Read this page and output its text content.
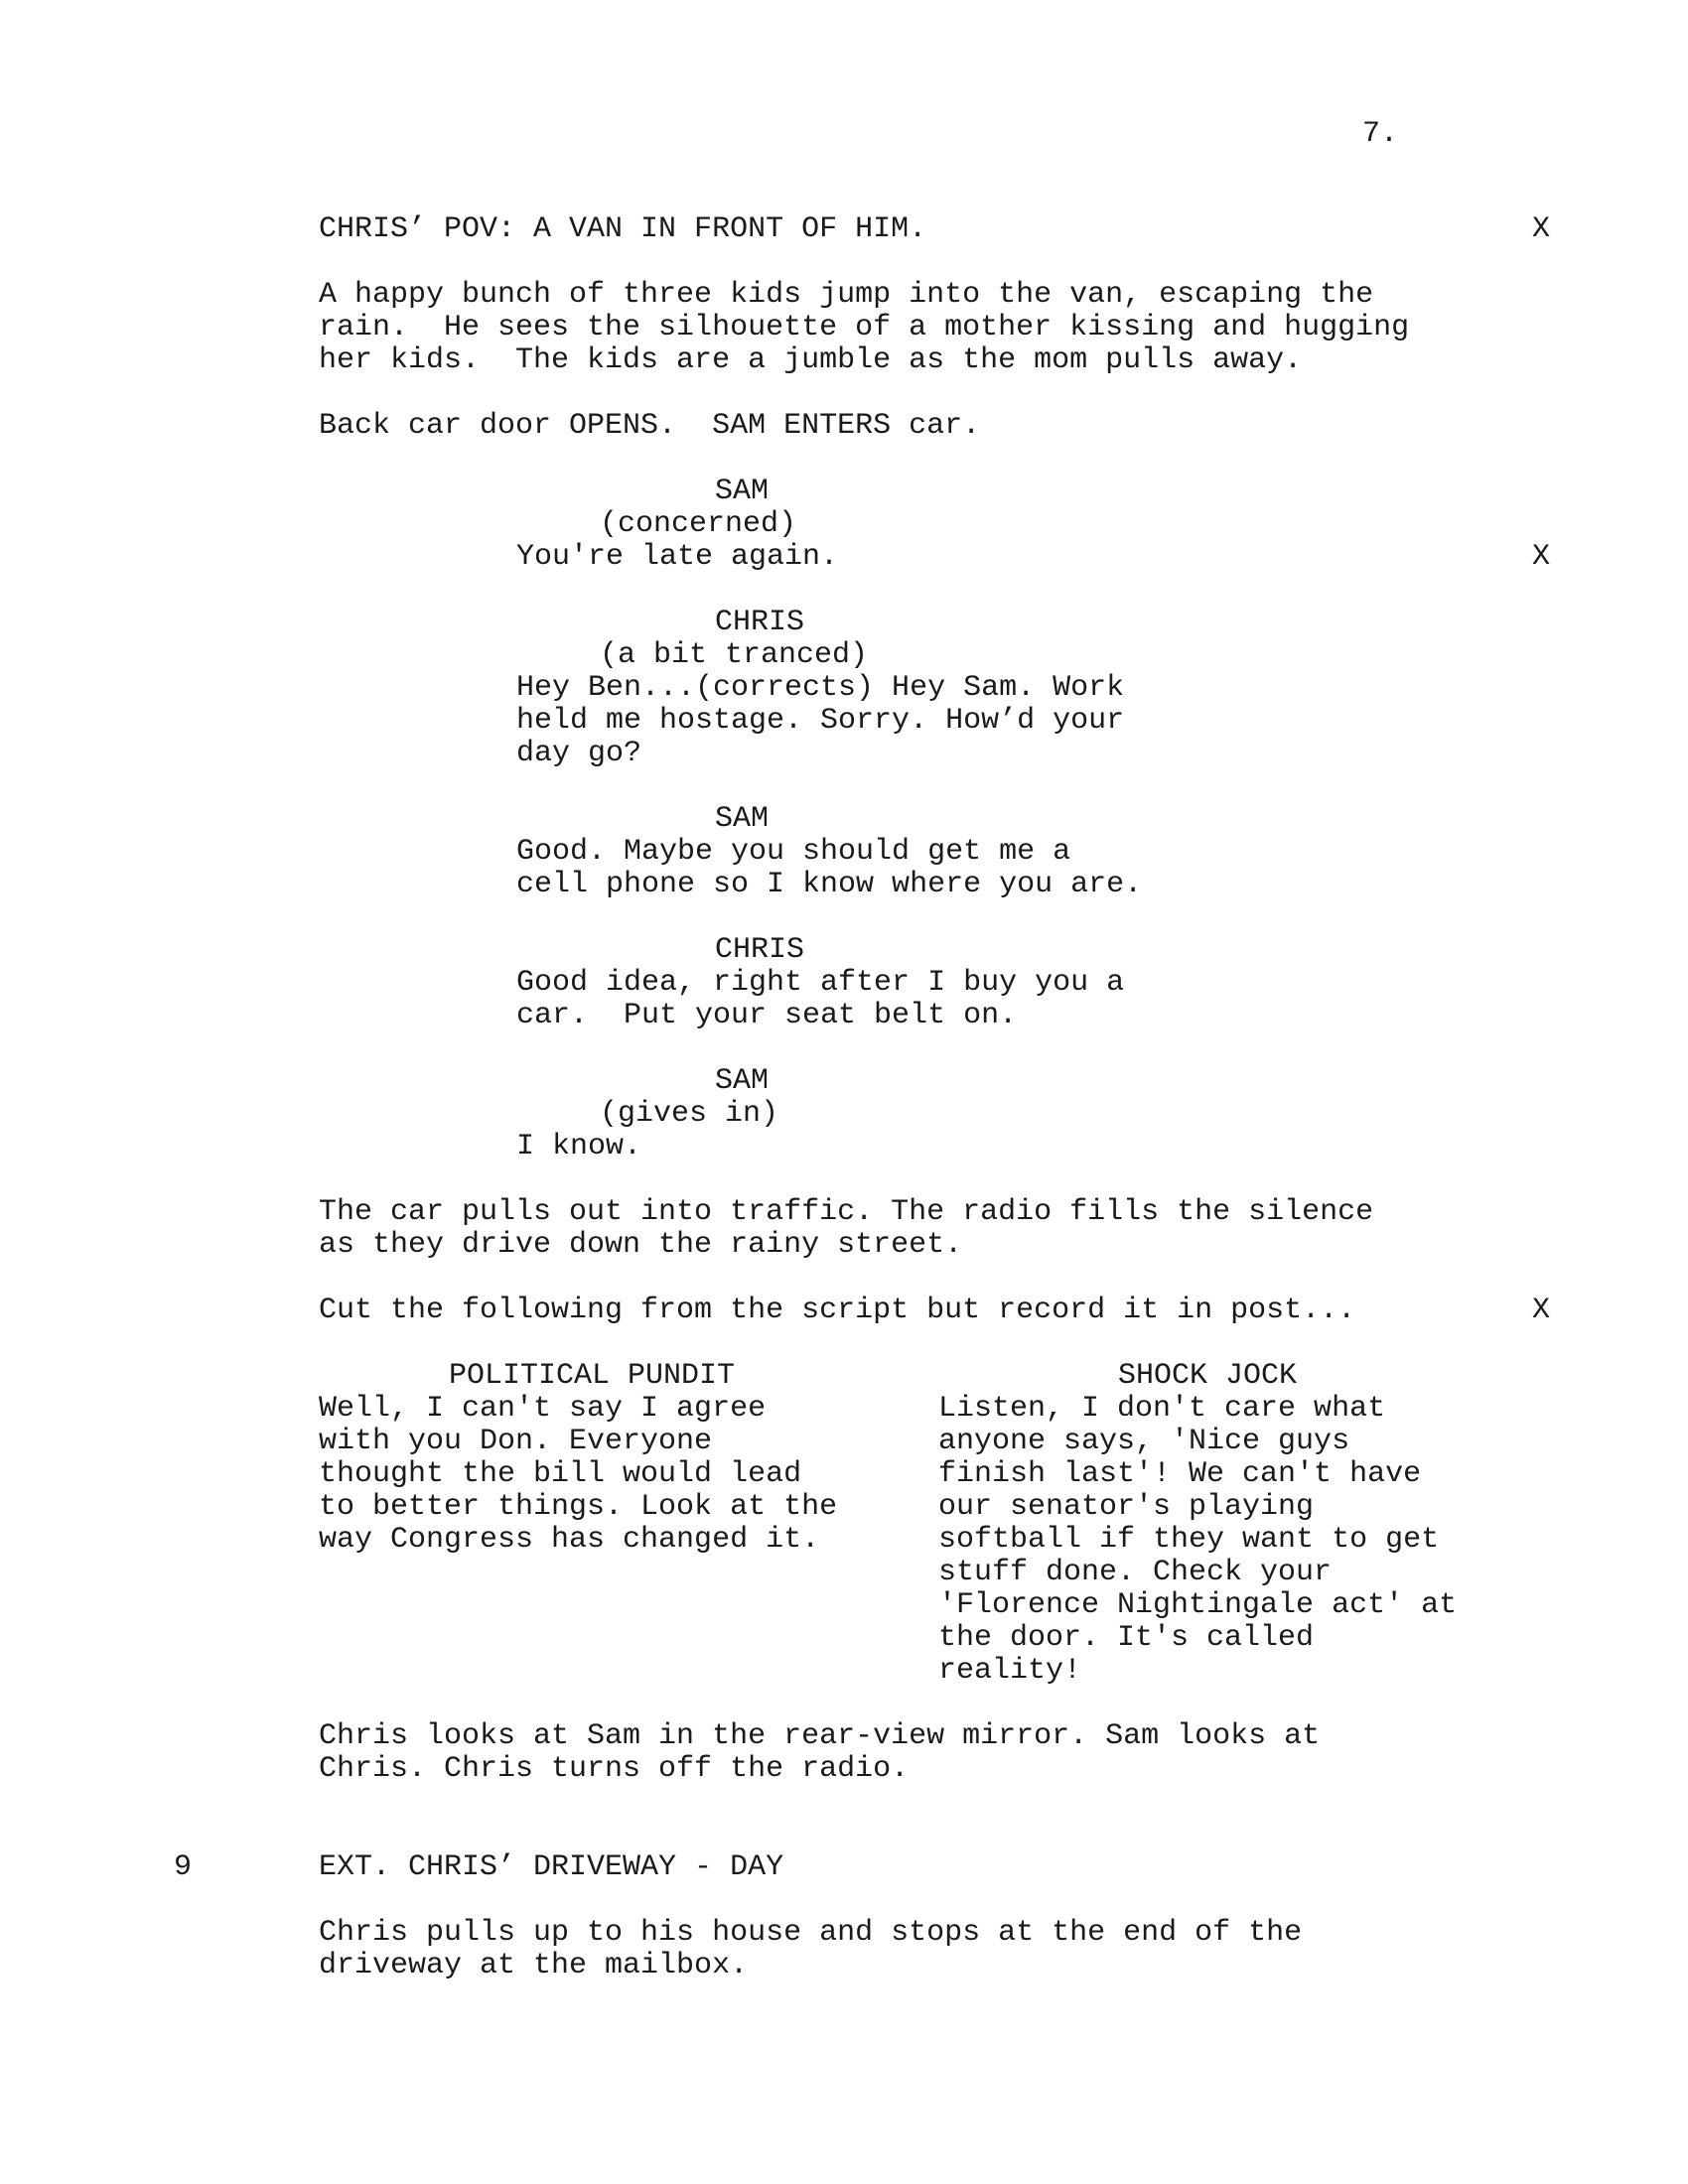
7.
CHRIS’ POV: A VAN IN FRONT OF HIM.	X
A happy bunch of three kids jump into the van, escaping the
rain.  He sees the silhouette of a mother kissing and hugging
her kids.  The kids are a jumble as the mom pulls away.
Back car door OPENS.  SAM ENTERS car.
SAM
(concerned)
You're late again.	X
CHRIS
(a bit tranced)
Hey Ben...(corrects) Hey Sam. Work
held me hostage. Sorry. How’d your
day go?
SAM
Good. Maybe you should get me a
cell phone so I know where you are.
CHRIS
Good idea, right after I buy you a
car.  Put your seat belt on.
SAM
(gives in)
I know.
The car pulls out into traffic. The radio fills the silence
as they drive down the rainy street.
Cut the following from the script but record it in post...	X
POLITICAL PUNDIT
Well, I can't say I agree
with you Don. Everyone
thought the bill would lead
to better things. Look at the
way Congress has changed it.
SHOCK JOCK
Listen, I don't care what
anyone says, 'Nice guys
finish last'! We can't have
our senator's playing
softball if they want to get
stuff done. Check your
'Florence Nightingale act' at
the door. It's called
reality!
Chris looks at Sam in the rear-view mirror. Sam looks at
Chris. Chris turns off the radio.
9	EXT. CHRIS’ DRIVEWAY - DAY
Chris pulls up to his house and stops at the end of the
driveway at the mailbox.
